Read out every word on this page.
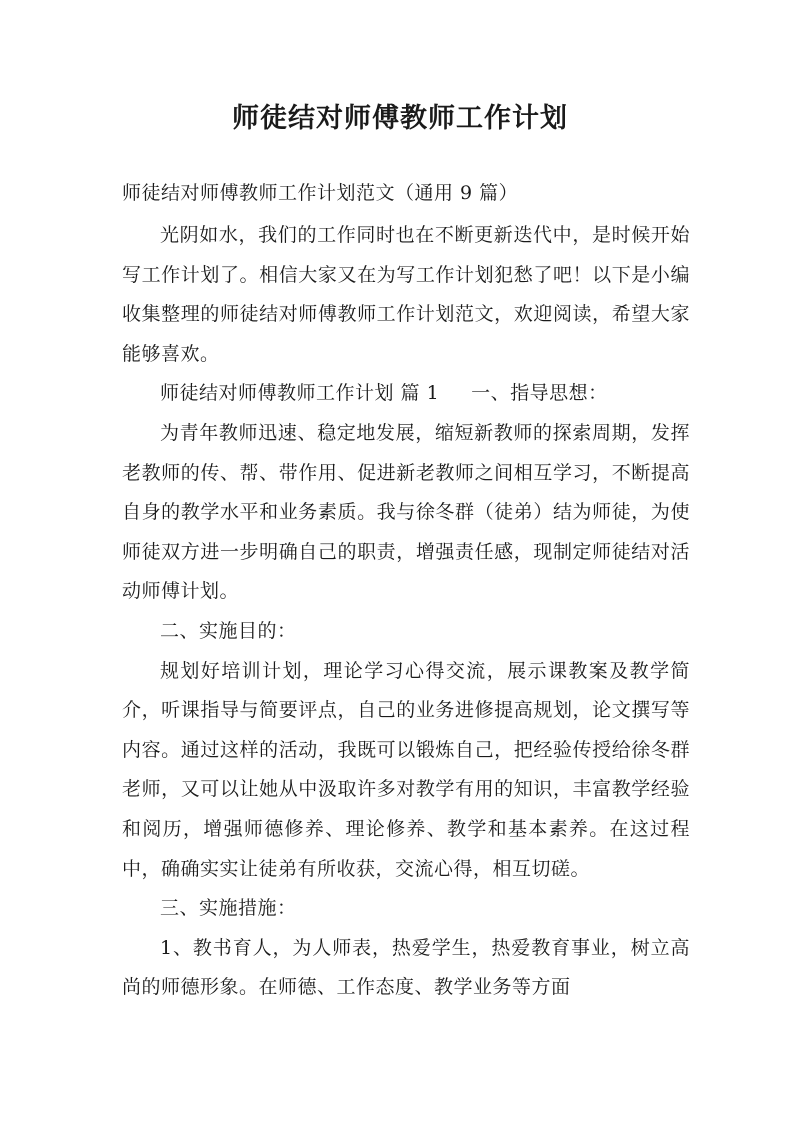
师徒结对师傅教师工作计划

师徒结对师傅教师工作计划范文（通用 9 篇）

光阴如水，我们的工作同时也在不断更新迭代中，是时候开始写工作计划了。相信大家又在为写工作计划犯愁了吧！以下是小编收集整理的师徒结对师傅教师工作计划范文，欢迎阅读，希望大家能够喜欢。

师徒结对师傅教师工作计划 篇 1 一、指导思想：

为青年教师迅速、稳定地发展，缩短新教师的探索周期，发挥老教师的传、帮、带作用、促进新老教师之间相互学习，不断提高自身的教学水平和业务素质。我与徐冬群（徒弟）结为师徒，为使师徒双方进一步明确自己的职责，增强责任感，现制定师徒结对活动师傅计划。

二、实施目的：

规划好培训计划，理论学习心得交流，展示课教案及教学简介，听课指导与简要评点，自己的业务进修提高规划，论文撰写等内容。通过这样的活动，我既可以锻炼自己，把经验传授给徐冬群老师，又可以让她从中汲取许多对教学有用的知识，丰富教学经验和阅历，增强师德修养、理论修养、教学和基本素养。在这过程中，确确实实让徒弟有所收获，交流心得，相互切磋。

三、实施措施：

1、教书育人，为人师表，热爱学生，热爱教育事业，树立高尚的师德形象。在师德、工作态度、教学业务等方面
